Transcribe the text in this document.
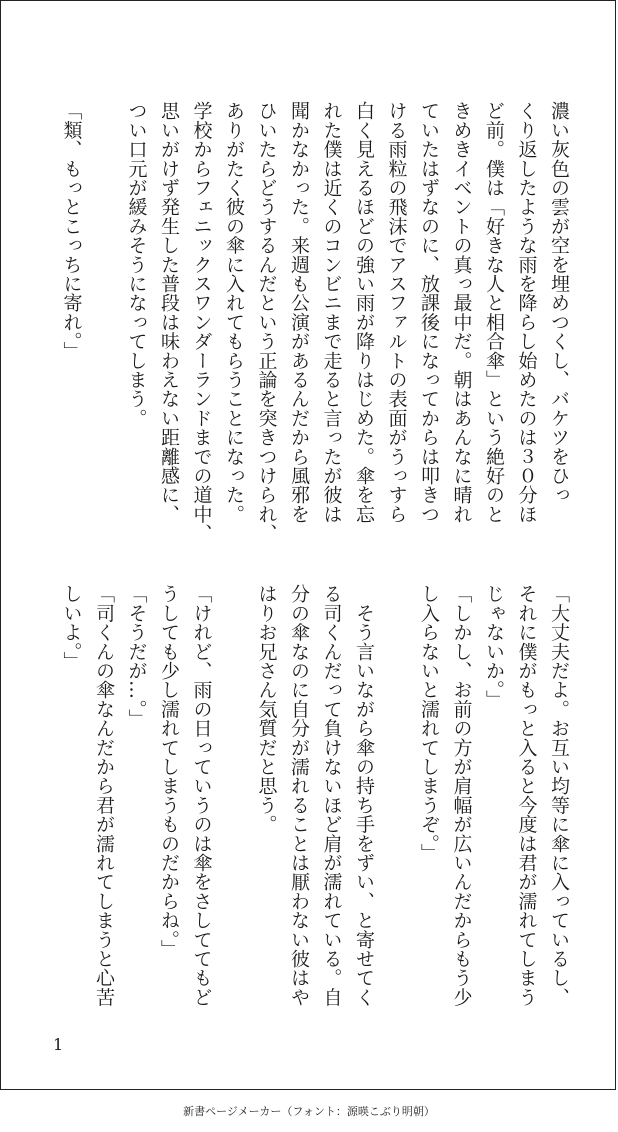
濃い灰色の雲が空を埋めつくし、バケツをひっ
くり返したような雨を降らし始めたのは３０分ほ
ど前。僕は「好きな人と相合傘」という絶好のと
きめきイベントの真っ最中だ。朝はあんなに晴れ
ていたはずなのに、放課後になってからは叩きつ
ける雨粒の飛沫でアスファルトの表面がうっすら
白く見えるほどの強い雨が降りはじめた。傘を忘
れた僕は近くのコンビニまで走ると言ったが彼は
聞かなかった。来週も公演があるんだから風邪を
ひいたらどうするんだという正論を突きつけられ、
ありがたく彼の傘に入れてもらうことになった。
学校からフェニックスワンダーランドまでの道中、
思いがけず発生した普段は味わえない距離感に、
つい口元が緩みそうになってしまう。
「類、もっとこっちに寄れ。」
「大丈夫だよ。お互い均等に傘に入っているし、
それに僕がもっと入ると今度は君が濡れてしまう
じゃないか。」
「しかし、お前の方が肩幅が広いんだからもう少
し入らないと濡れてしまうぞ。」
　そう言いながら傘の持ち手をずい、と寄せてく
る司くんだって負けないほど肩が濡れている。自
分の傘なのに自分が濡れることは厭わない彼はや
はりお兄さん気質だと思う。
「けれど、雨の日っていうのは傘をさしててもど
うしても少し濡れてしまうものだからね。」
「そうだが…。」
「司くんの傘なんだから君が濡れてしまうと心苦
しいよ。」
1
新書ページメーカー（フォント：源暎こぶり明朝）
